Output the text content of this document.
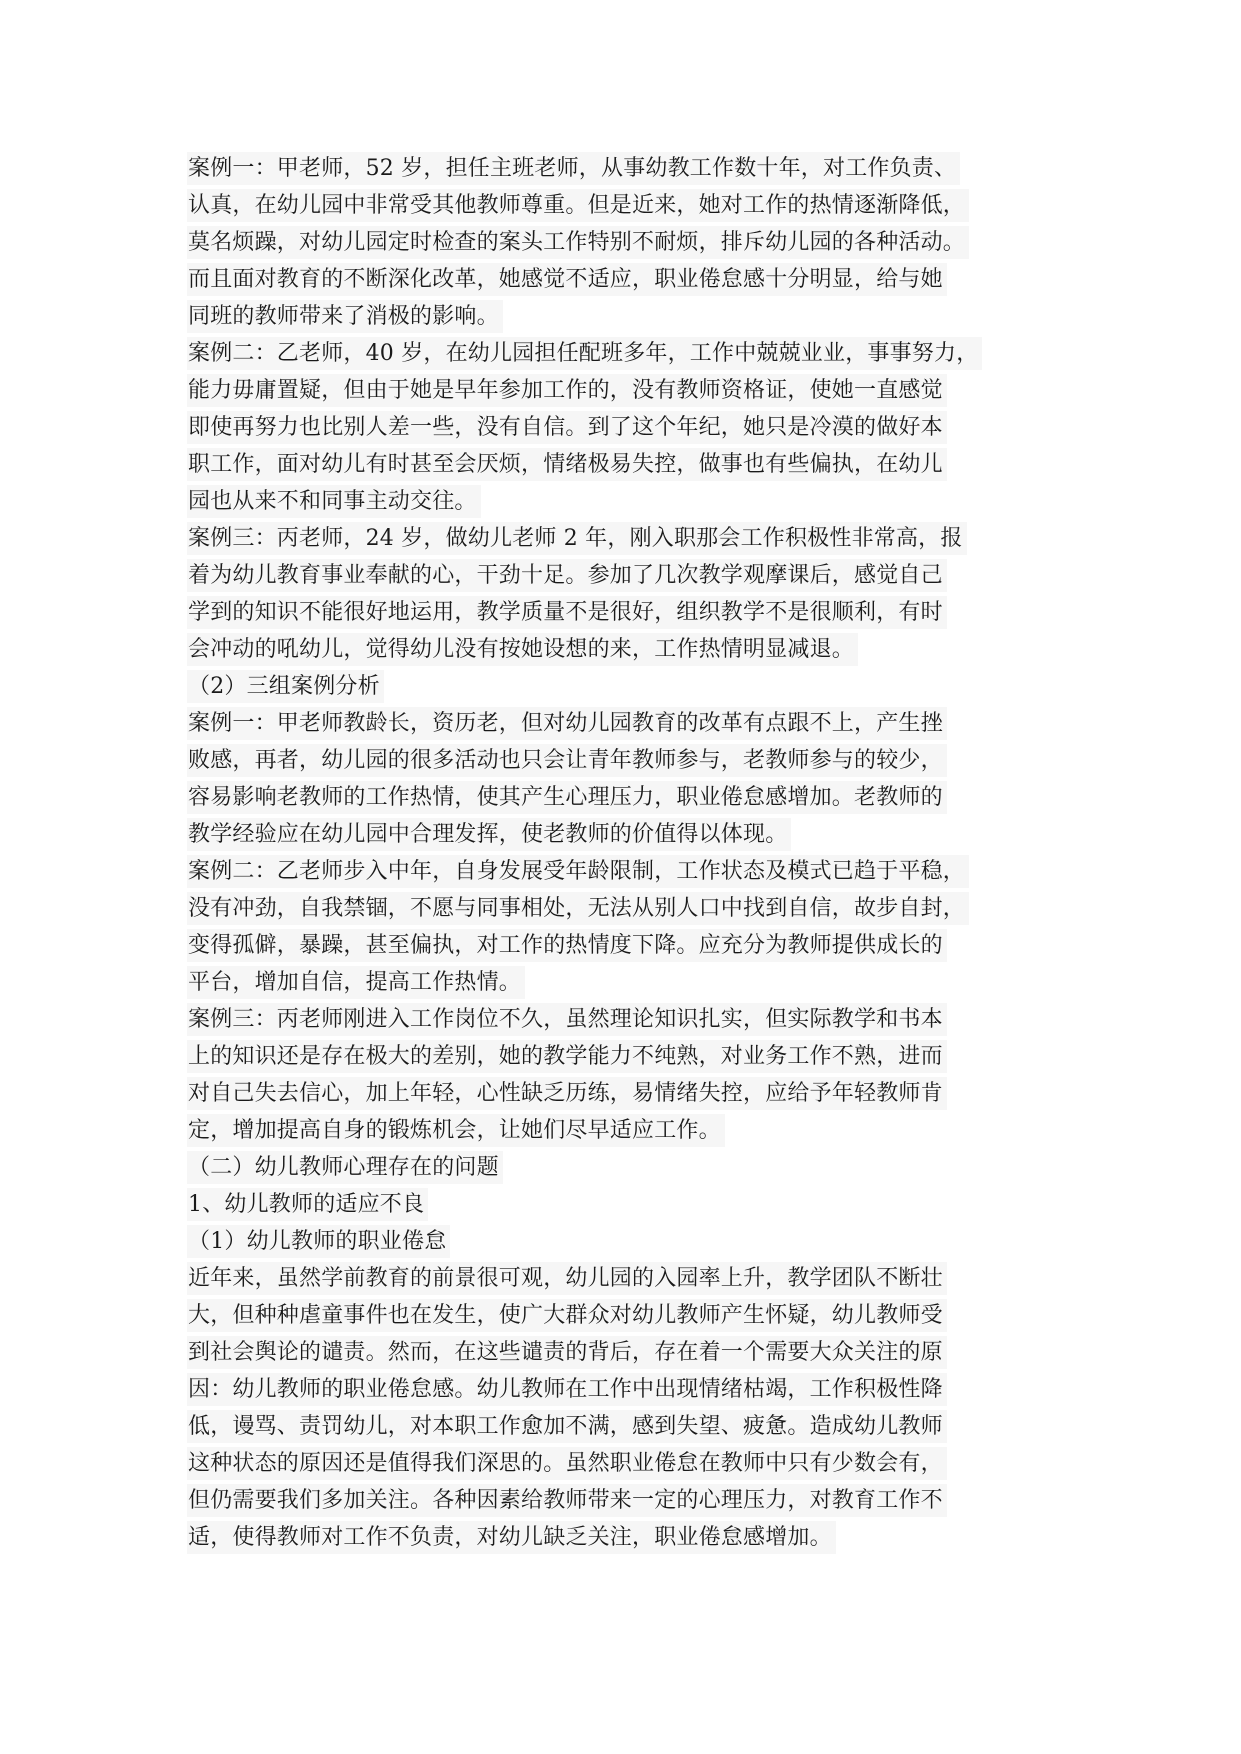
案例一：甲老师，52 岁，担任主班老师，从事幼教工作数十年，对工作负责、
认真，在幼儿园中非常受其他教师尊重。但是近来，她对工作的热情逐渐降低，
莫名烦躁，对幼儿园定时检查的案头工作特别不耐烦，排斥幼儿园的各种活动。
而且面对教育的不断深化改革，她感觉不适应，职业倦怠感十分明显，给与她
同班的教师带来了消极的影响。
案例二：乙老师，40 岁，在幼儿园担任配班多年，工作中兢兢业业，事事努力，
能力毋庸置疑，但由于她是早年参加工作的，没有教师资格证，使她一直感觉
即使再努力也比别人差一些，没有自信。到了这个年纪，她只是冷漠的做好本
职工作，面对幼儿有时甚至会厌烦，情绪极易失控，做事也有些偏执，在幼儿
园也从来不和同事主动交往。
案例三：丙老师，24 岁，做幼儿老师 2 年，刚入职那会工作积极性非常高，报
着为幼儿教育事业奉献的心，干劲十足。参加了几次教学观摩课后，感觉自己
学到的知识不能很好地运用，教学质量不是很好，组织教学不是很顺利，有时
会冲动的吼幼儿，觉得幼儿没有按她设想的来，工作热情明显减退。
（2）三组案例分析
案例一：甲老师教龄长，资历老，但对幼儿园教育的改革有点跟不上，产生挫
败感，再者，幼儿园的很多活动也只会让青年教师参与，老教师参与的较少，
容易影响老教师的工作热情，使其产生心理压力，职业倦怠感增加。老教师的
教学经验应在幼儿园中合理发挥，使老教师的价值得以体现。
案例二：乙老师步入中年，自身发展受年龄限制，工作状态及模式已趋于平稳，
没有冲劲，自我禁锢，不愿与同事相处，无法从别人口中找到自信，故步自封，
变得孤僻，暴躁，甚至偏执，对工作的热情度下降。应充分为教师提供成长的
平台，增加自信，提高工作热情。
案例三：丙老师刚进入工作岗位不久，虽然理论知识扎实，但实际教学和书本
上的知识还是存在极大的差别，她的教学能力不纯熟，对业务工作不熟，进而
对自己失去信心，加上年轻，心性缺乏历练，易情绪失控，应给予年轻教师肯
定，增加提高自身的锻炼机会，让她们尽早适应工作。
（二）幼儿教师心理存在的问题
1、幼儿教师的适应不良
（1）幼儿教师的职业倦怠
近年来，虽然学前教育的前景很可观，幼儿园的入园率上升，教学团队不断壮
大，但种种虐童事件也在发生，使广大群众对幼儿教师产生怀疑，幼儿教师受
到社会舆论的谴责。然而，在这些谴责的背后，存在着一个需要大众关注的原
因：幼儿教师的职业倦怠感。幼儿教师在工作中出现情绪枯竭，工作积极性降
低，谩骂、责罚幼儿，对本职工作愈加不满，感到失望、疲惫。造成幼儿教师
这种状态的原因还是值得我们深思的。虽然职业倦怠在教师中只有少数会有，
但仍需要我们多加关注。各种因素给教师带来一定的心理压力，对教育工作不
适，使得教师对工作不负责，对幼儿缺乏关注，职业倦怠感增加。
